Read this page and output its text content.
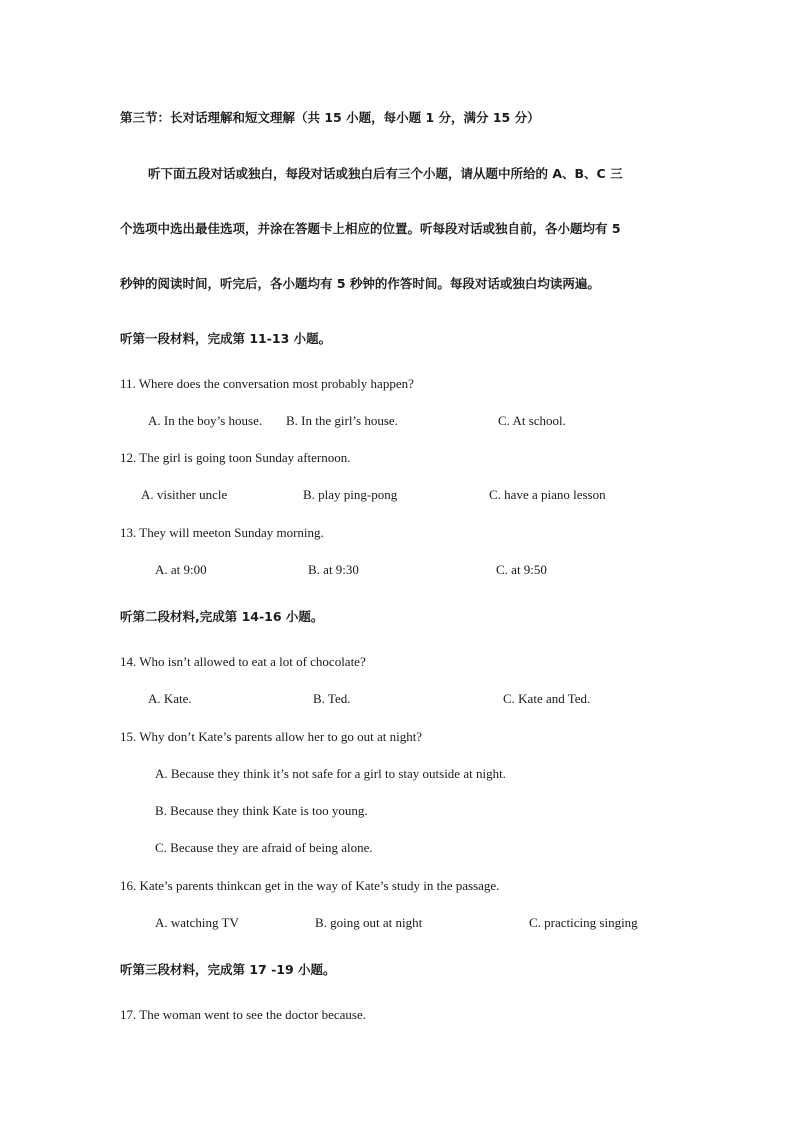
第三节：长对话理解和短文理解（共 15 小题，每小题 1 分，满分 15 分）
听下面五段对话或独白，每段对话或独白后有三个小题，请从题中所给的 A、B、C 三
个选项中选出最佳选项，并涂在答题卡上相应的位置。听每段对话或独自前，各小题均有 5
秒钟的阅读时间，听完后，各小题均有 5 秒钟的作答时间。每段对话或独白均读两遍。
听第一段材料，完成第 11-13 小题。
11. Where does the conversation most probably happen?
A. In the boy’s house. B. In the girl’s house.	C. At school.
12. The girl is going toon Sunday afternoon.
A. visither uncle	B. play ping-pong	C. have a piano lesson
13. They will meeton Sunday morning.
A. at 9:00	B. at 9:30	C. at 9:50
听第二段材料,完成第 14-16 小题。
14. Who isn’t allowed to eat a lot of chocolate?
A. Kate.	B. Ted.	C. Kate and Ted.
15. Why don’t Kate’s parents allow her to go out at night?
A. Because they think it’s not safe for a girl to stay outside at night.
B. Because they think Kate is too young.
C. Because they are afraid of being alone.
16. Kate’s parents thinkcan get in the way of Kate’s study in the passage.
A. watching TV	B. going out at night	C. practicing singing
听第三段材料，完成第 17 -19 小题。
17. The woman went to see the doctor because.
